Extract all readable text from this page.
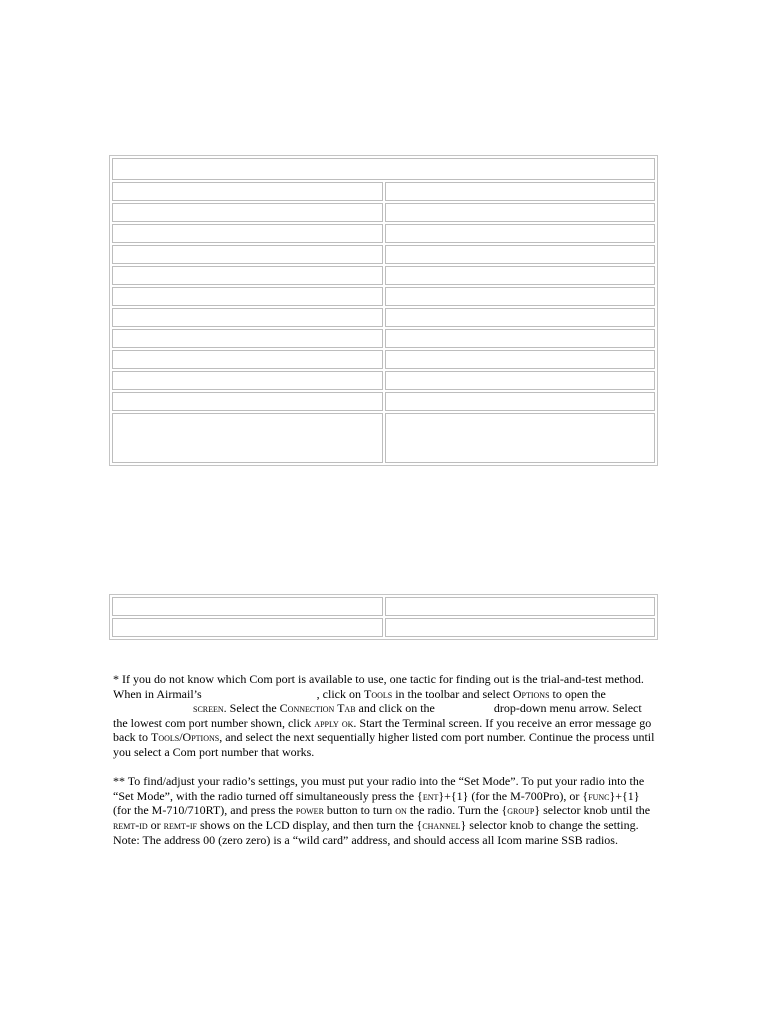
* If you do not know which Com port is available to use, one tactic for finding out is the trial-and-test method. When in Airmail’s	, click on Tools in the toolbar and select Options to open the screen. Select the Connection Tab and click on the	drop-down menu arrow. Select the lowest com port number shown, click apply ok. Start the Terminal screen. If you receive an error message go back to Tools/Options, and select the next sequentially higher listed com port number. Continue the process until you select a Com port number that works.

** To find/adjust your radio’s settings, you must put your radio into the “Set Mode”. To put your radio into the “Set Mode”, with the radio turned off simultaneously press the {ent}+{1} (for the M-700Pro), or {func}+{1} (for the M-710/710RT), and press the power button to turn on the radio. Turn the {group} selector knob until the remt-id or remt-if shows on the LCD display, and then turn the {channel} selector knob to change the setting. Note: The address 00 (zero zero) is a “wild card” address, and should access all Icom marine SSB radios.
